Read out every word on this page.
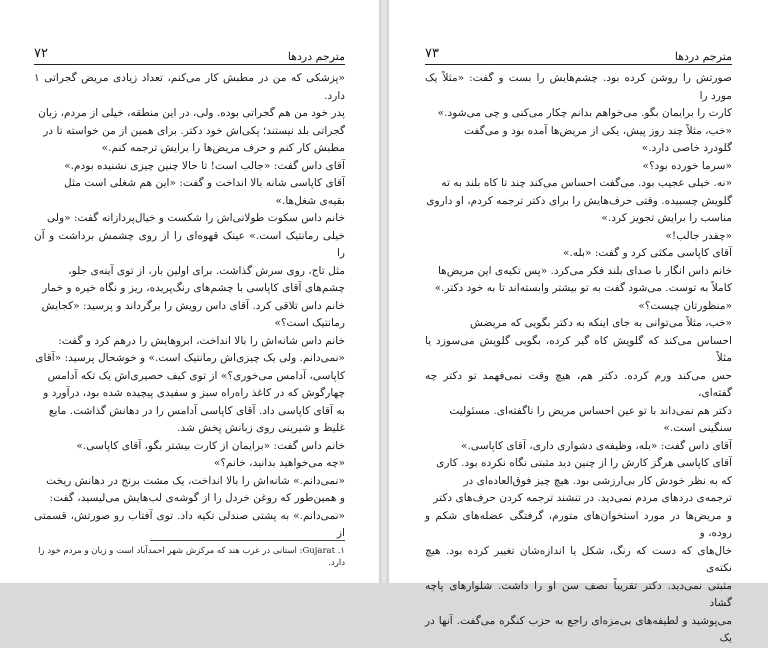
۷۲	مترجم دردها

«پزشکی که من در مطبش کار می‌کنم، تعداد زیادی مریض گجراتی ۱ دارد.

پدر خود من هم گجراتی بوده. ولی، در این منطقه، خیلی از مردم، زبان

گجراتی بلد نیستند؛ پکی‌اش خود دکتر. برای همین از من خواسته تا در

مطبش کار کنم و حرف مریض‌ها را برایش ترجمه کنم.»

آقای داس گفت: «جالب است! تا حالا چنین چیزی نشنیده بودم.»

آقای کاپاسی شانه بالا انداخت و گفت: «این هم شغلی است مثل

بقیه‌ی شغل‌ها.»

خانم داس سکوت طولانی‌اش را شکست و خیال‌پردازانه گفت: «ولی

خیلی رمانتیک است.» عینک قهوه‌ای را از روی چشمش برداشت و آن را

مثل تاج، روی سرش گذاشت. برای اولین بار، از توی آینه‌ی جلو،

چشم‌های آقای کاپاسی با چشم‌های رنگ‌پریده، ریز و نگاه خیره و خمار

خانم داس تلاقی کرد. آقای داس رویش را برگرداند و پرسید: «کجایش

رمانتیک است؟»

خانم داس شانه‌اش را بالا انداخت، ابروهایش را درهم کرد و گفت:

«نمی‌دانم. ولی یک چیزی‌اش رمانتیک است.» و خوشحال پرسید: «آقای

کاپاسی، آدامس می‌خوری؟» از توی کیف حصیری‌اش یک تکه آدامس

چهارگوش که در کاغذ راه‌راه سبز و سفیدی پیچیده شده بود، درآورد و

به آقای کاپاسی داد. آقای کاپاسی آدامس را در دهانش گذاشت. مایع

غلیظ و شیرینی روی زبانش پخش شد.

خانم داس گفت: «برایمان از کارت بیشتر بگو، آقای کاپاسی.»

«چه می‌خواهید بدانید، خانم؟»

«نمی‌دانم.» شانه‌اش را بالا انداخت، یک مشت برنج در دهانش ریخت

و همین‌طور که روغن خردل را از گوشه‌ی لب‌هایش می‌لیسید، گفت:

«نمی‌دانم.» به پشتی صندلی تکیه داد. توی آفتاب رو صورتش، قسمتی از

۱. Gujarat: استانی در غرب هند که مرکزش شهر احمدآباد است و زبان و مردم خود را دارد.
۷۳	مترجم دردها

صورتش را روشن کرده بود. چشم‌هایش را بست و گفت: «مثلاً یک مورد را

کارت را برایمان بگو. می‌خواهم بدانم چکار می‌کنی و چی می‌شود.»

«خب، مثلاً چند روز پیش، یکی از مریض‌ها آمده بود و می‌گفت

گلودرد خاصی دارد.»

«سرما خورده بود؟»

«نه. خیلی عجیب بود. می‌گفت احساس می‌کند چند تا کاه بلند به ته

گلویش چسبیده. وقتی حرف‌هایش را برای دکتر ترجمه کردم، او داروی

مناسب را برایش تجویز کرد.»

«چقدر جالب!»

آقای کاپاسی مکثی کرد و گفت: «بله.»

خانم داس انگار با صدای بلند فکر می‌کرد. «پس تکیه‌ی این مریض‌ها

کاملاً به توست. می‌شود گفت به تو بیشتر وابسته‌اند تا به خود دکتر.»

«منظورتان چیست؟»

«خب، مثلاً می‌توانی به جای اینکه به دکتر بگویی که مریضش

احساس می‌کند که گلویش کاه گیر کرده، بگویی گلویش می‌سوزد یا مثلاً

حس می‌کند ورم کرده. دکتر هم، هیچ وقت نمی‌فهمد تو دکتر چه گفته‌ای،

دکتر هم نمی‌داند با تو عین احساس مریض را ناگفته‌ای. مسئولیت

سنگینی است.»

آقای داس گفت: «بله، وظیفه‌ی دشواری داری، آقای کاپاسی.»

آقای کاپاسی هرگز کارش را از چنین دید مثبتی نگاه نکرده بود. کاری

که به نظر خودش کار بی‌ارزشی بود. هیچ چیز فوق‌العاده‌ای در

ترجمه‌ی دردهای مردم نمی‌دید. در تنشند ترجمه کردن حرف‌های دکتر

و مریض‌ها در مورد استخوان‌های متورم، گرفتگی عضله‌های شکم و روده، و

خال‌های که دست که رنگ، شکل یا اندازه‌شان تغییر کرده بود. هیچ نکته‌ی

مثبتی نمی‌دید. دکتر تقریباً نصف سن او را داشت. شلوارهای پاچه گشاد

می‌پوشید و لطیفه‌های بی‌مزه‌ای راجع به حزب کنگره می‌گفت. آنها در یک
